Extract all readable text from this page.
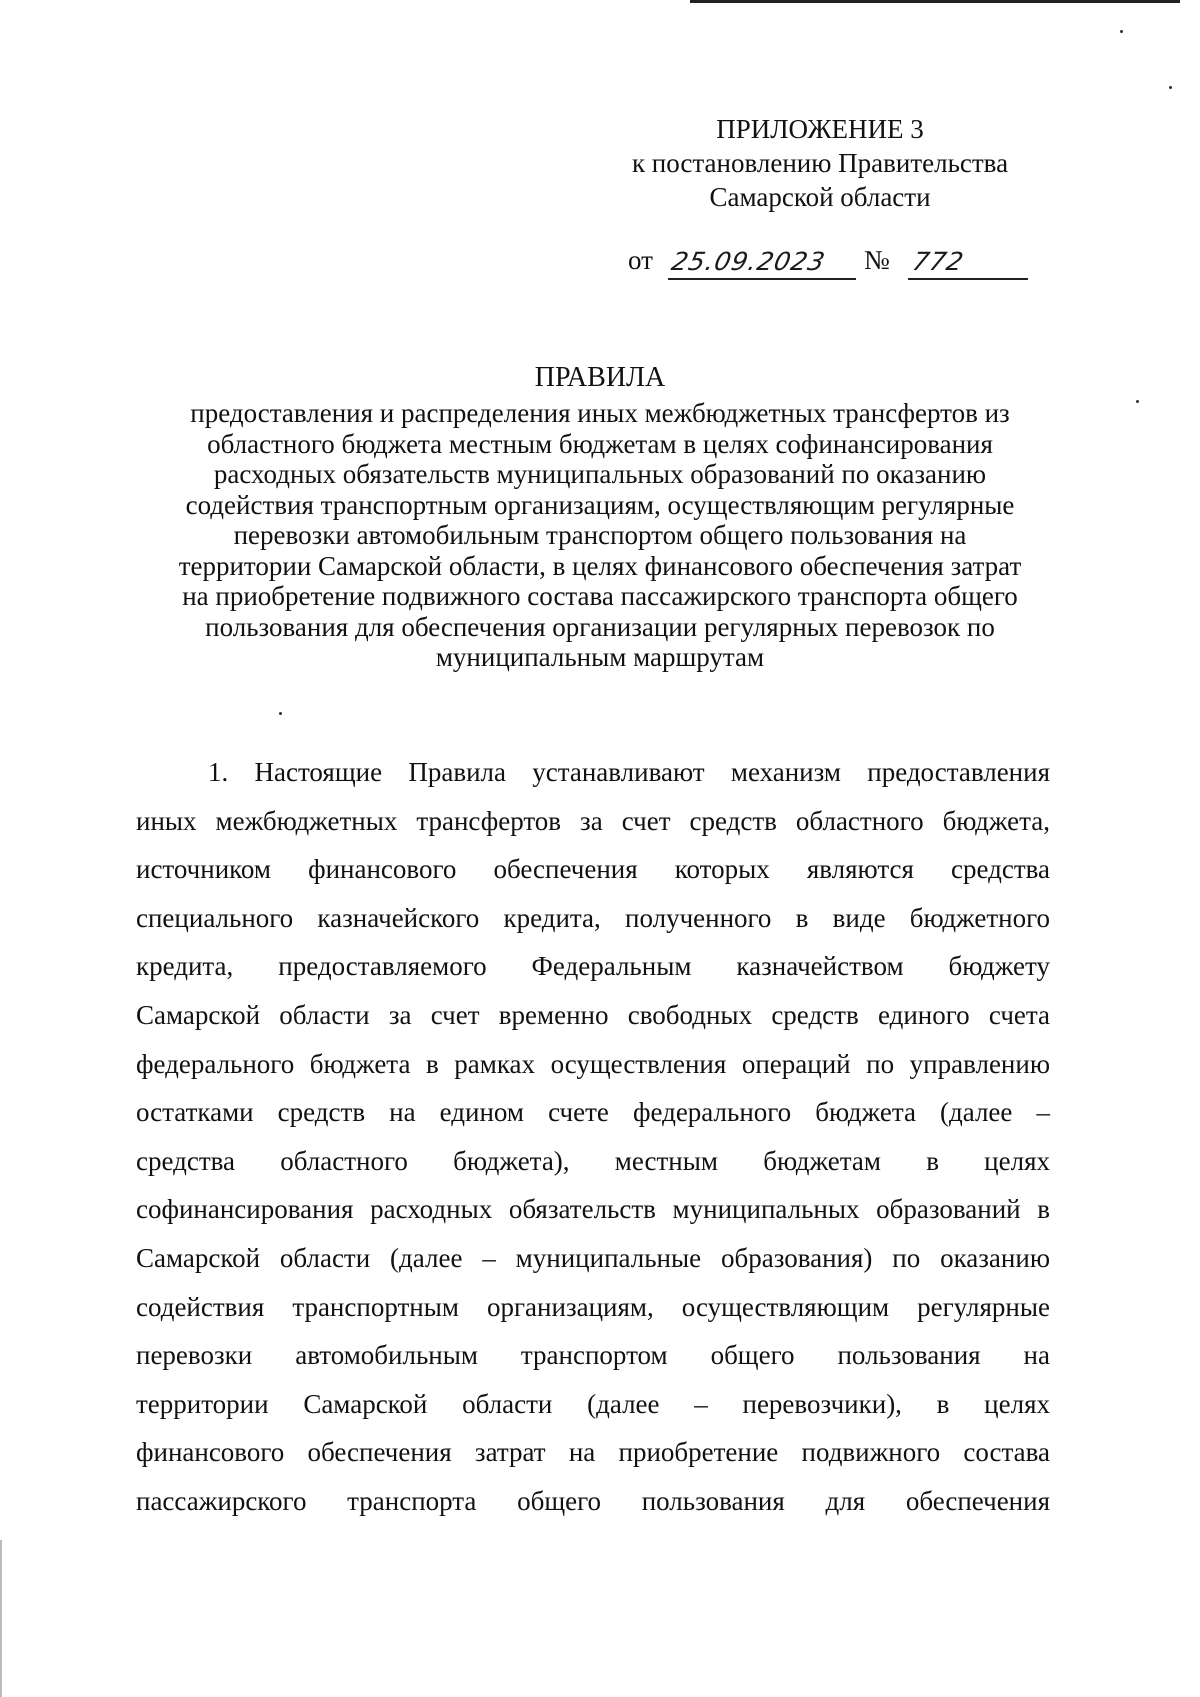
ПРИЛОЖЕНИЕ 3
к постановлению Правительства
Самарской области
от 25.09.2023 № 772
ПРАВИЛА
предоставления и распределения иных межбюджетных трансфертов из
областного бюджета местным бюджетам в целях софинансирования
расходных обязательств муниципальных образований по оказанию
содействия транспортным организациям, осуществляющим регулярные
перевозки автомобильным транспортом общего пользования на
территории Самарской области, в целях финансового обеспечения затрат
на приобретение подвижного состава пассажирского транспорта общего
пользования для обеспечения организации регулярных перевозок по
муниципальным маршрутам
1. Настоящие Правила устанавливают механизм предоставления
иных межбюджетных трансфертов за счет средств областного бюджета,
источником финансового обеспечения которых являются средства
специального казначейского кредита, полученного в виде бюджетного
кредита, предоставляемого Федеральным казначейством бюджету
Самарской области за счет временно свободных средств единого счета
федерального бюджета в рамках осуществления операций по управлению
остатками средств на едином счете федерального бюджета (далее –
средства областного бюджета), местным бюджетам в целях
софинансирования расходных обязательств муниципальных образований в
Самарской области (далее – муниципальные образования) по оказанию
содействия транспортным организациям, осуществляющим регулярные
перевозки автомобильным транспортом общего пользования на
территории Самарской области (далее – перевозчики), в целях
финансового обеспечения затрат на приобретение подвижного состава
пассажирского транспорта общего пользования для обеспечения
